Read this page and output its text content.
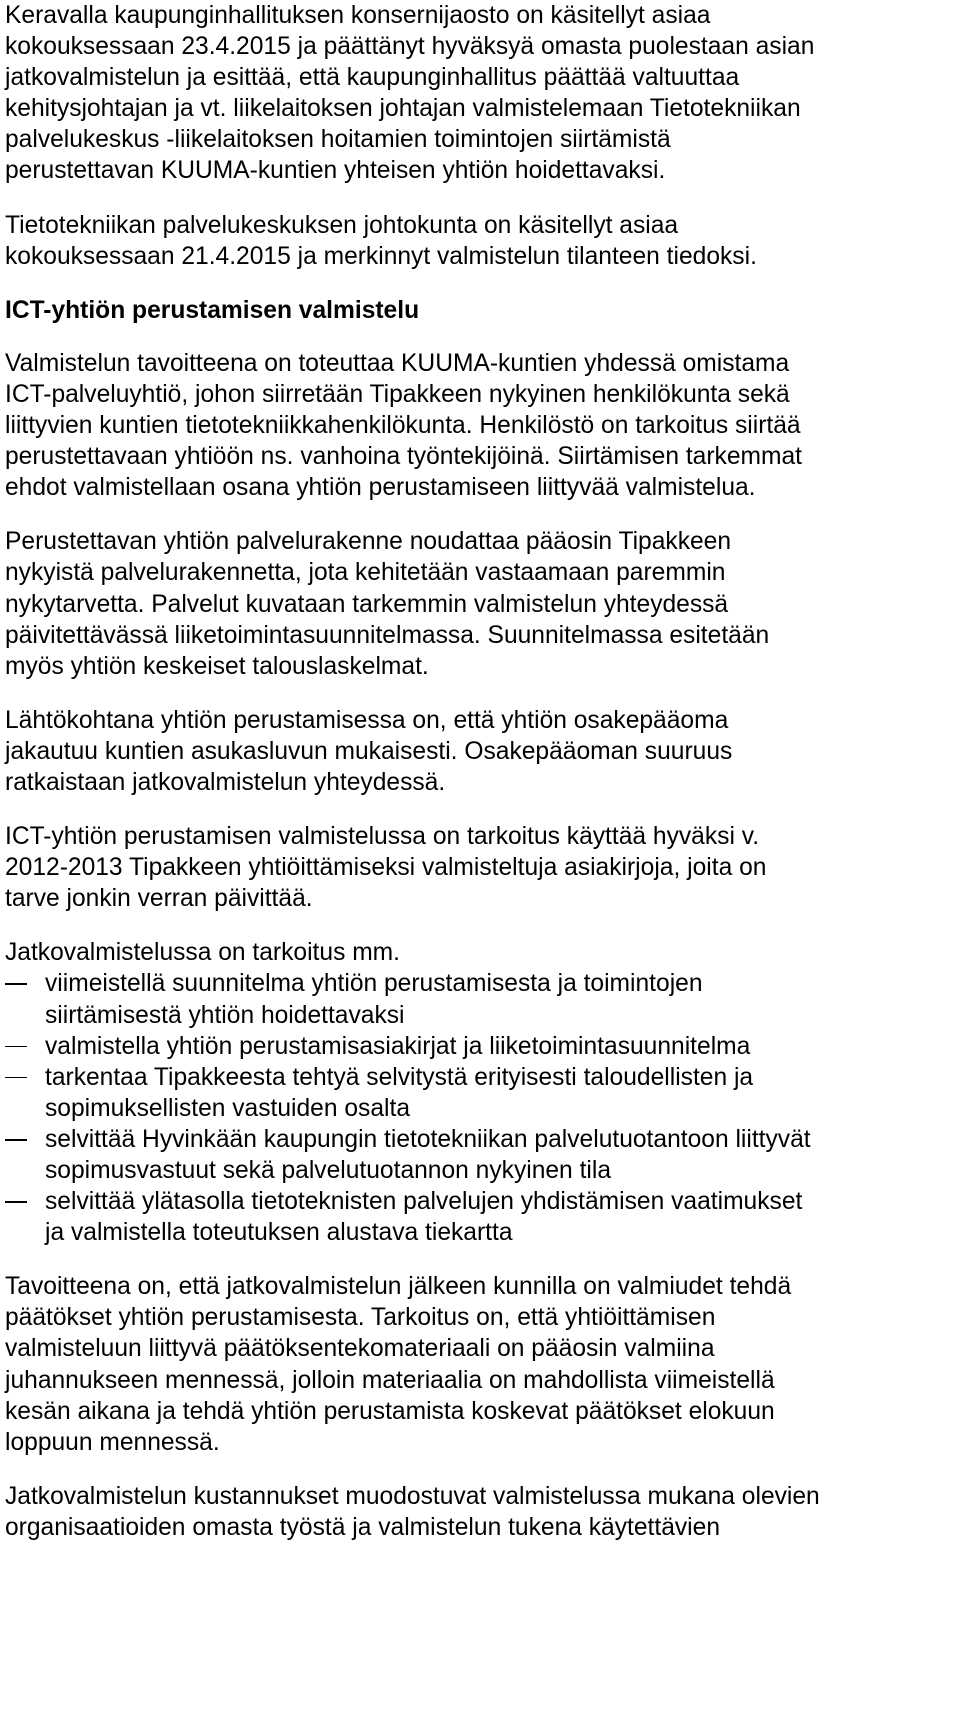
Keravalla kaupunginhallituksen konsernijaosto on käsitellyt asiaa
kokouksessaan 23.4.2015 ja päättänyt hyväksyä omasta puolestaan asian
jatkovalmistelun ja esittää, että kaupunginhallitus päättää valtuuttaa
kehitysjohtajan ja vt. liikelaitoksen johtajan valmistelemaan Tietotekniikan
palvelukeskus -liikelaitoksen hoitamien toimintojen siirtämistä
perustettavan KUUMA-kuntien yhteisen yhtiön hoidettavaksi.

Tietotekniikan palvelukeskuksen johtokunta on käsitellyt asiaa
kokouksessaan 21.4.2015 ja merkinnyt valmistelun tilanteen tiedoksi.

ICT-yhtiön perustamisen valmistelu

Valmistelun tavoitteena on toteuttaa KUUMA-kuntien yhdessä omistama
ICT-palveluyhtiö, johon siirretään Tipakkeen nykyinen henkilökunta sekä
liittyvien kuntien tietotekniikkahenkilökunta. Henkilöstö on tarkoitus siirtää
perustettavaan yhtiöön ns. vanhoina työntekijöinä. Siirtämisen tarkemmat
ehdot valmistellaan osana yhtiön perustamiseen liittyvää valmistelua.

Perustettavan yhtiön palvelurakenne noudattaa pääosin Tipakkeen
nykyistä palvelurakennetta, jota kehitetään vastaamaan paremmin
nykytarvetta. Palvelut kuvataan tarkemmin valmistelun yhteydessä
päivitettävässä liiketoimintasuunnitelmassa. Suunnitelmassa esitetään
myös yhtiön keskeiset talouslaskelmat.

Lähtökohtana yhtiön perustamisessa on, että yhtiön osakepääoma
jakautuu kuntien asukasluvun mukaisesti. Osakepääoman suuruus
ratkaistaan jatkovalmistelun yhteydessä.

ICT-yhtiön perustamisen valmistelussa on tarkoitus käyttää hyväksi v.
2012-2013 Tipakkeen yhtiöittämiseksi valmisteltuja asiakirjoja, joita on
tarve jonkin verran päivittää.

Jatkovalmistelussa on tarkoitus mm.

viimeistellä suunnitelma yhtiön perustamisesta ja toimintojen
siirtämisestä yhtiön hoidettavaksi
valmistella yhtiön perustamisasiakirjat ja liiketoimintasuunnitelma
tarkentaa Tipakkeesta tehtyä selvitystä erityisesti taloudellisten ja
sopimuksellisten vastuiden osalta
selvittää Hyvinkään kaupungin tietotekniikan palvelutuotantoon liittyvät
sopimusvastuut sekä palvelutuotannon nykyinen tila
selvittää ylätasolla tietoteknisten palvelujen yhdistämisen vaatimukset
ja valmistella toteutuksen alustava tiekartta

Tavoitteena on, että jatkovalmistelun jälkeen kunnilla on valmiudet tehdä
päätökset yhtiön perustamisesta. Tarkoitus on, että yhtiöittämisen
valmisteluun liittyvä päätöksentekomateriaali on pääosin valmiina
juhannukseen mennessä, jolloin materiaalia on mahdollista viimeistellä
kesän aikana ja tehdä yhtiön perustamista koskevat päätökset elokuun
loppuun mennessä.

Jatkovalmistelun kustannukset muodostuvat valmistelussa mukana olevien
organisaatioiden omasta työstä ja valmistelun tukena käytettävien
